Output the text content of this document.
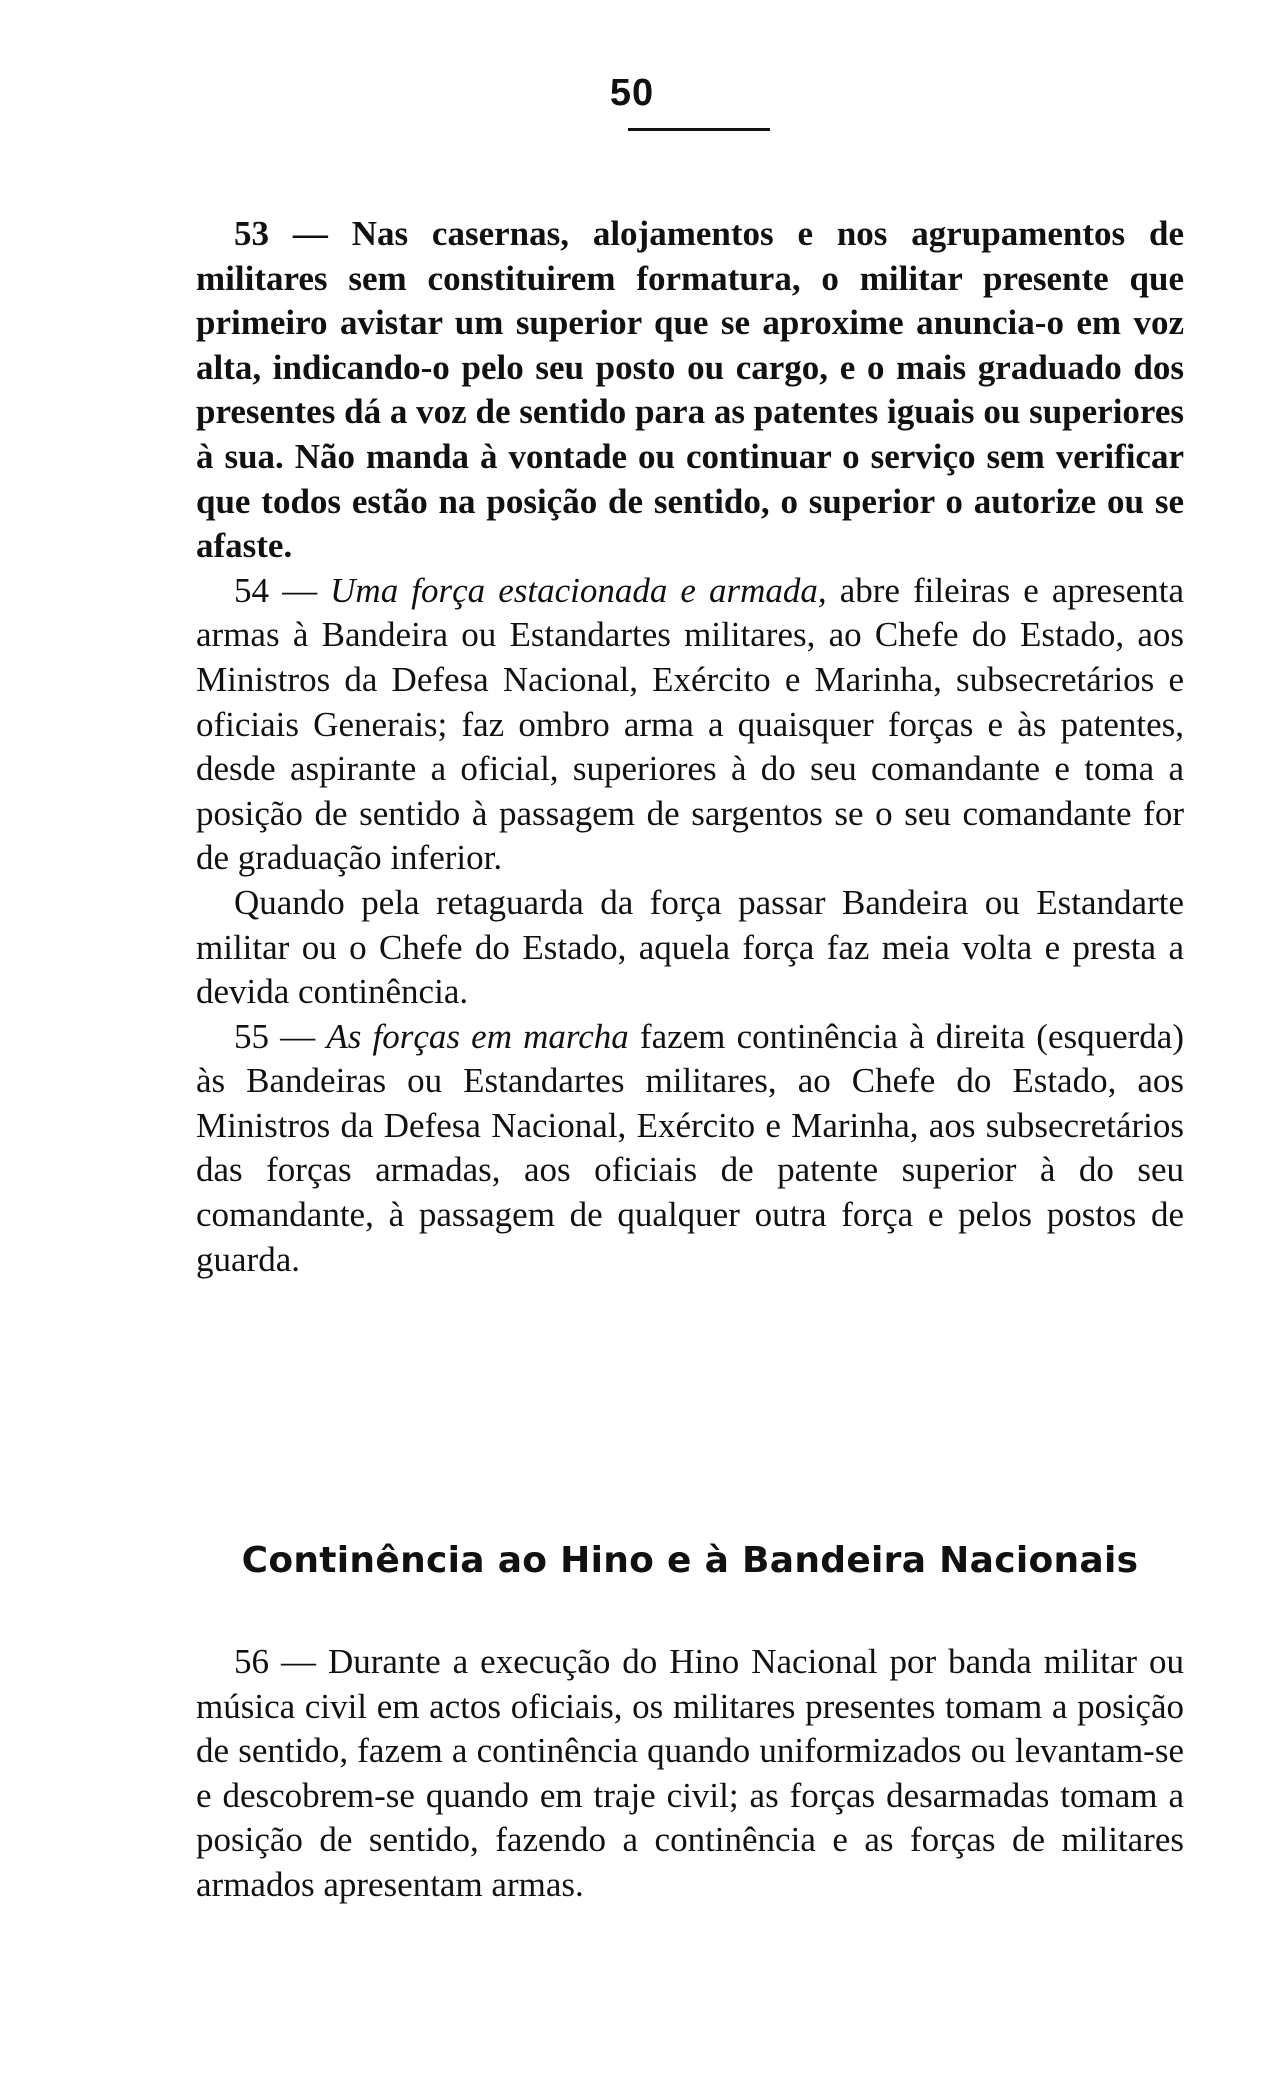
50

53 — Nas casernas, alojamentos e nos agrupamentos de militares sem constituirem formatura, o militar presente que primeiro avistar um superior que se aproxime anuncia-o em voz alta, indicando-o pelo seu posto ou cargo, e o mais graduado dos presentes dá a voz de sentido para as patentes iguais ou superiores à sua. Não manda à vontade ou continuar o serviço sem verificar que todos estão na posição de sentido, o superior o autorize ou se afaste.

54 — Uma força estacionada e armada, abre fileiras e apresenta armas à Bandeira ou Estandartes militares, ao Chefe do Estado, aos Ministros da Defesa Nacional, Exército e Marinha, subsecretários e oficiais Generais; faz ombro arma a quaisquer forças e às patentes, desde aspirante a oficial, superiores à do seu comandante e toma a posição de sentido à passagem de sargentos se o seu comandante for de graduação inferior.

Quando pela retaguarda da força passar Bandeira ou Estandarte militar ou o Chefe do Estado, aquela força faz meia volta e presta a devida continência.

55 — As forças em marcha fazem continência à direita (esquerda) às Bandeiras ou Estandartes militares, ao Chefe do Estado, aos Ministros da Defesa Nacional, Exército e Marinha, aos subsecretários das forças armadas, aos oficiais de patente superior à do seu comandante, à passagem de qualquer outra força e pelos postos de guarda.

Continência ao Hino e à Bandeira Nacionais

56 — Durante a execução do Hino Nacional por banda militar ou música civil em actos oficiais, os militares presentes tomam a posição de sentido, fazem a continência quando uniformizados ou levantam-se e descobrem-se quando em traje civil; as forças desarmadas tomam a posição de sentido, fazendo a continência e as forças de militares armados apresentam armas.
